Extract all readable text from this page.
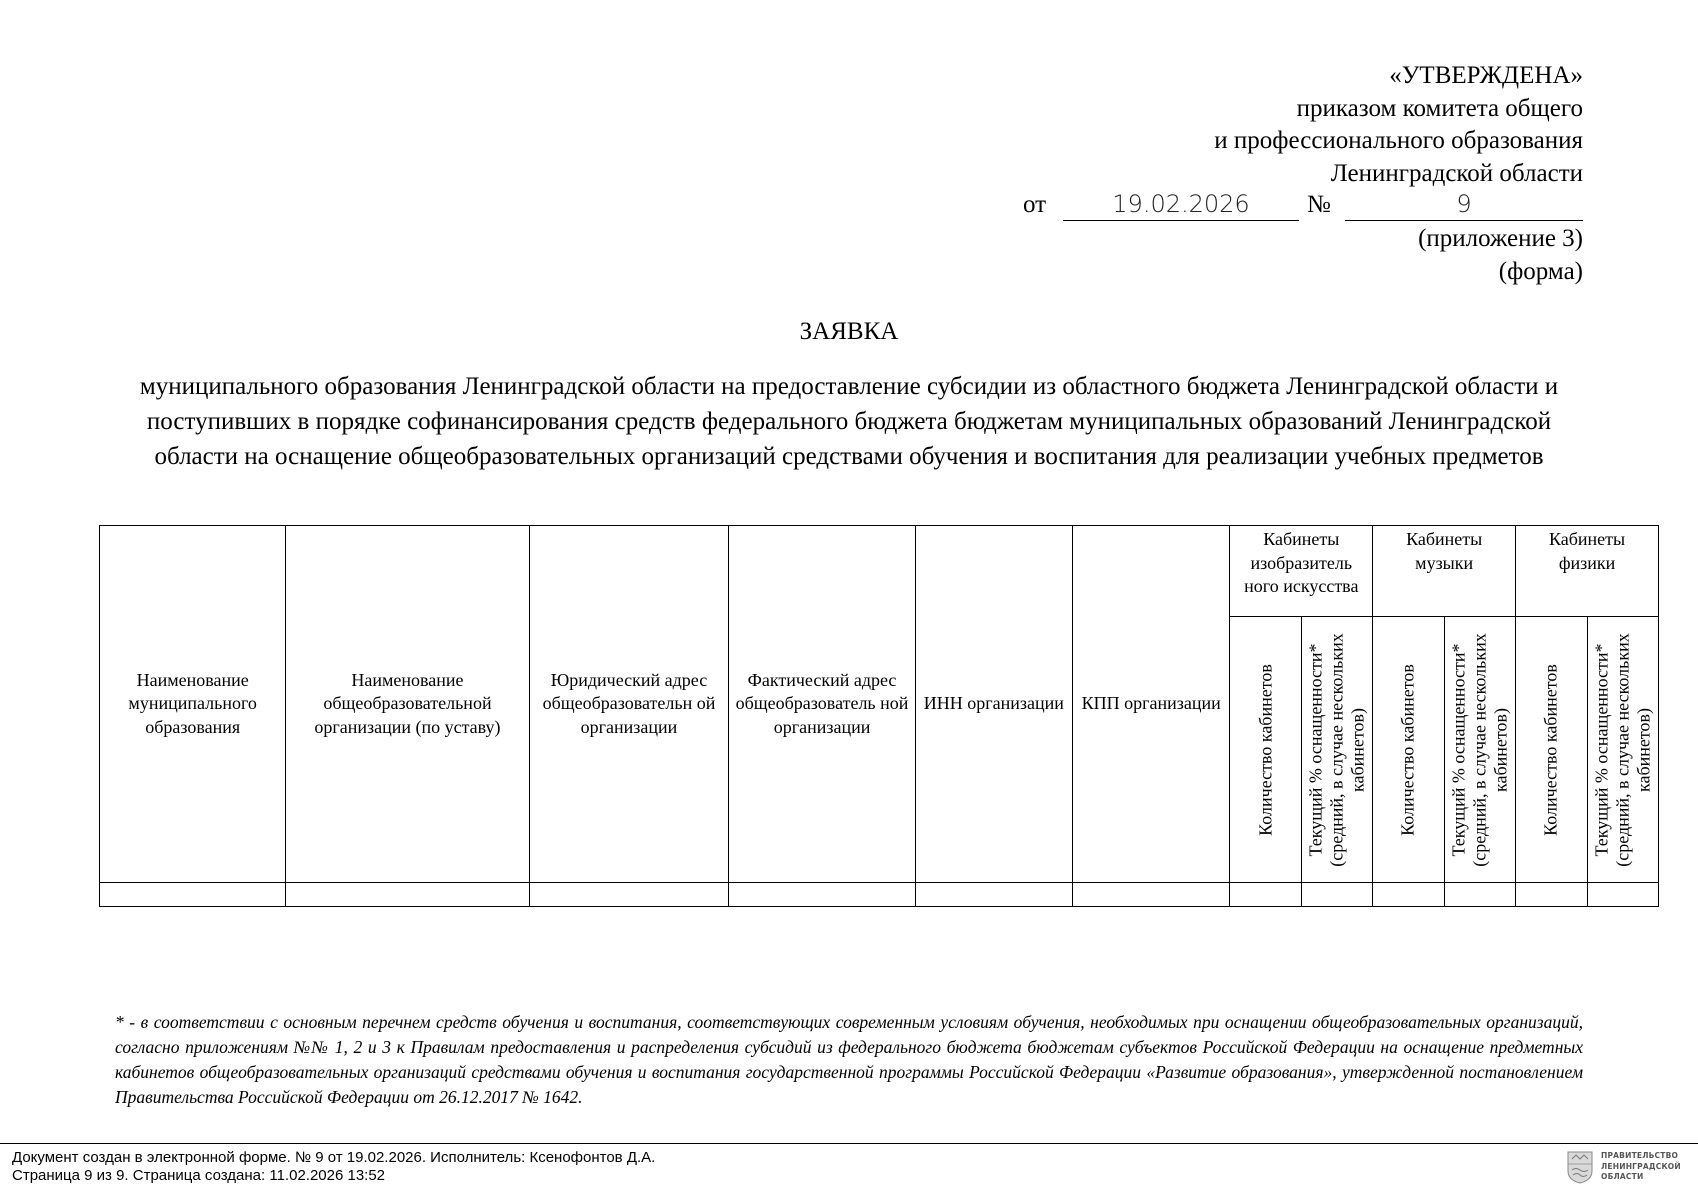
«УТВЕРЖДЕНА»
приказом комитета общего
и профессионального образования
Ленинградской области
от	19.02.2026	№	9
(приложение 3)
(форма)
ЗАЯВКА
муниципального образования Ленинградской области на предоставление субсидии из областного бюджета Ленинградской области и поступивших в порядке софинансирования средств федерального бюджета бюджетам муниципальных образований Ленинградской области на оснащение общеобразовательных организаций средствами обучения и воспитания для реализации учебных предметов
Наименование муниципального образования	Наименование общеобразовательной организации (по уставу)	Юридический адрес общеобразовательн ой организации	Фактический адрес общеобразователь ной организации	ИНН организации	КПП организации	Кабинеты изобразитель ного искусства		Кабинеты музыки		Кабинеты физики	

						Количество кабинетов	Текущий % оснащенности* (средний, в случае нескольких кабинетов)	Количество кабинетов	Текущий % оснащенности* (средний, в случае нескольких кабинетов)	Количество кабинетов	Текущий % оснащенности* (средний, в случае нескольких кабинетов)

* - в соответствии с основным перечнем средств обучения и воспитания, соответствующих современным условиям обучения, необходимых при оснащении общеобразовательных организаций, согласно приложениям №№ 1, 2 и 3 к Правилам предоставления и распределения субсидий из федерального бюджета бюджетам субъектов Российской Федерации на оснащение предметных кабинетов общеобразовательных организаций средствами обучения и воспитания государственной программы Российской Федерации «Развитие образования», утвержденной постановлением Правительства Российской Федерации от 26.12.2017 № 1642.
Документ создан в электронной форме. № 9 от 19.02.2026. Исполнитель: Ксенофонтов Д.А.
Страница 9 из 9. Страница создана: 11.02.2026 13:52
ПРАВИТЕЛЬСТВО
ЛЕНИНГРАДСКОЙ
ОБЛАСТИ
